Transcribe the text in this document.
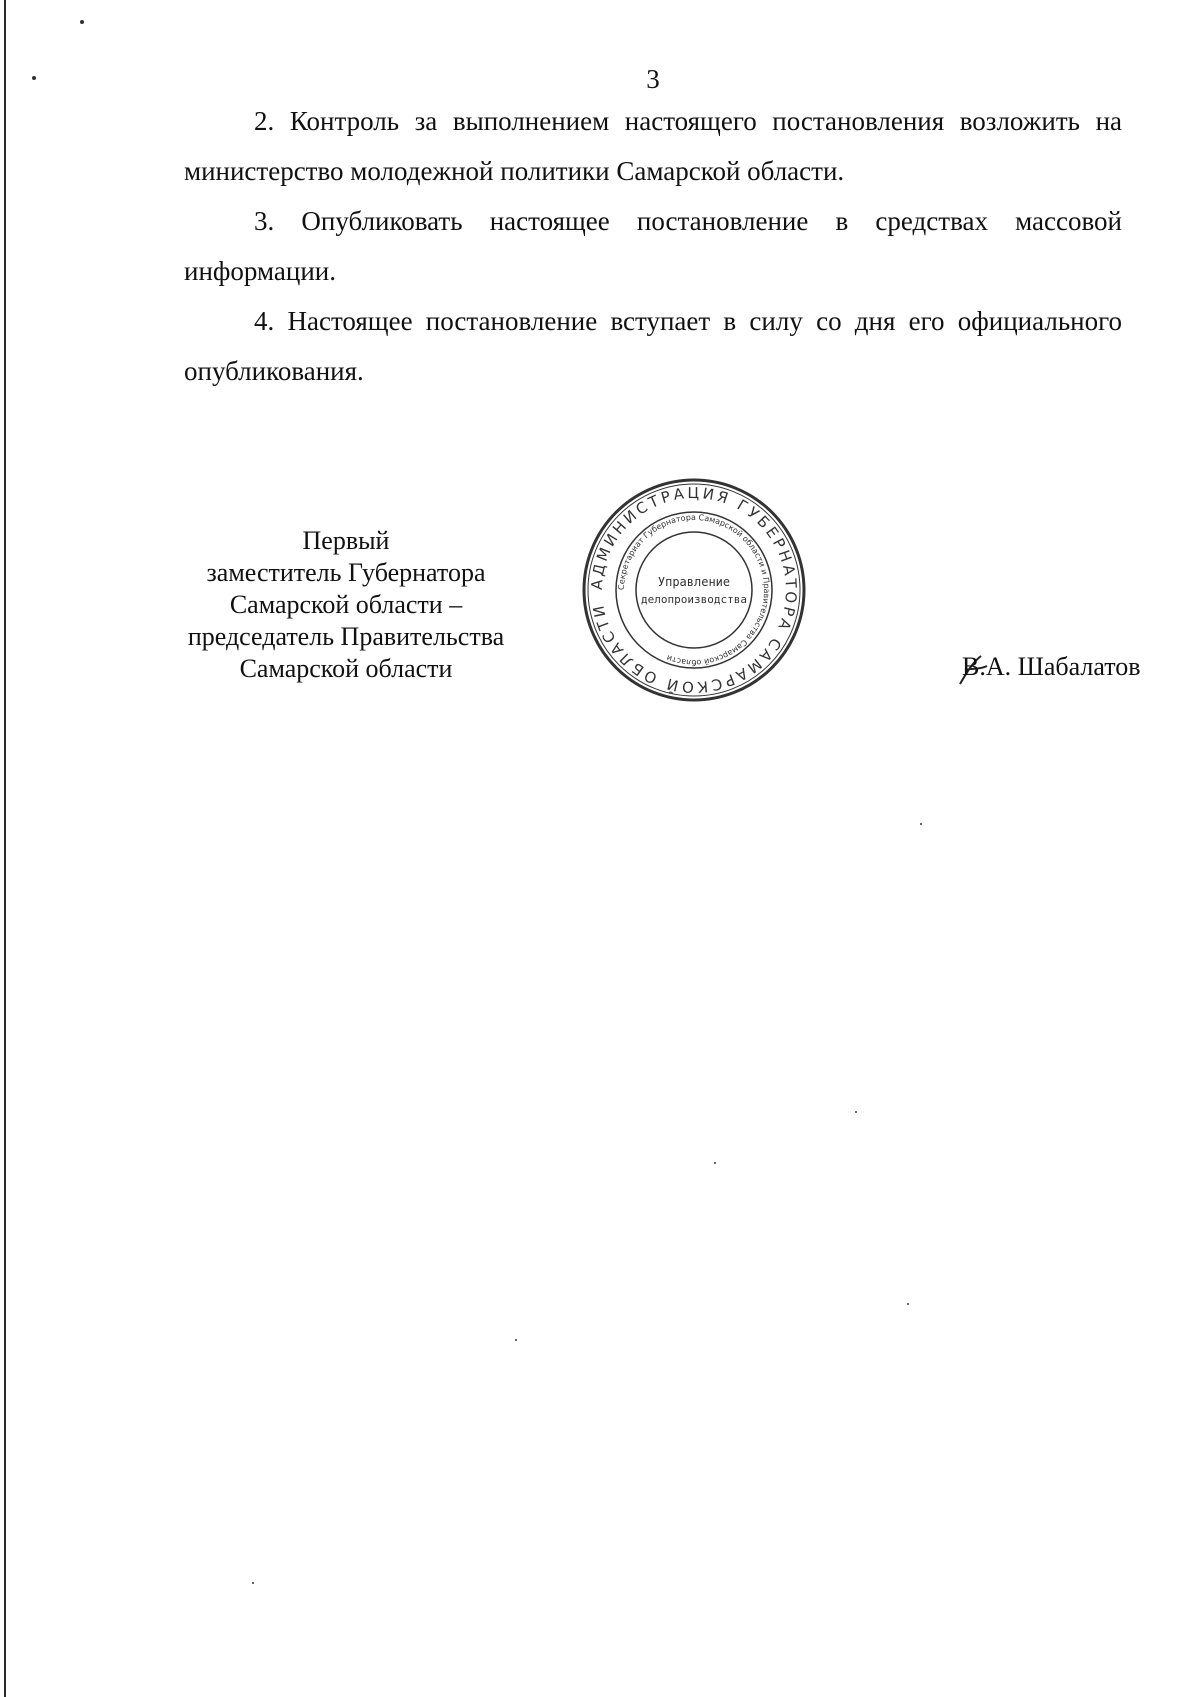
3

2. Контроль за выполнением настоящего постановления возложить на министерство молодежной политики Самарской области.

3. Опубликовать настоящее постановление в средствах массовой информации.

4. Настоящее постановление вступает в силу со дня его официального опубликования.

Первый
заместитель Губернатора
Самарской области –
председатель Правительства
Самарской области
АДМИНИСТРАЦИЯ ГУБЕРНАТОРА САМАРСКОЙ ОБЛАСТИ
Секретариат Губернатора Самарской области и Правительства Самарской области
Управление
делопроизводства
В.А. Шабалатов
